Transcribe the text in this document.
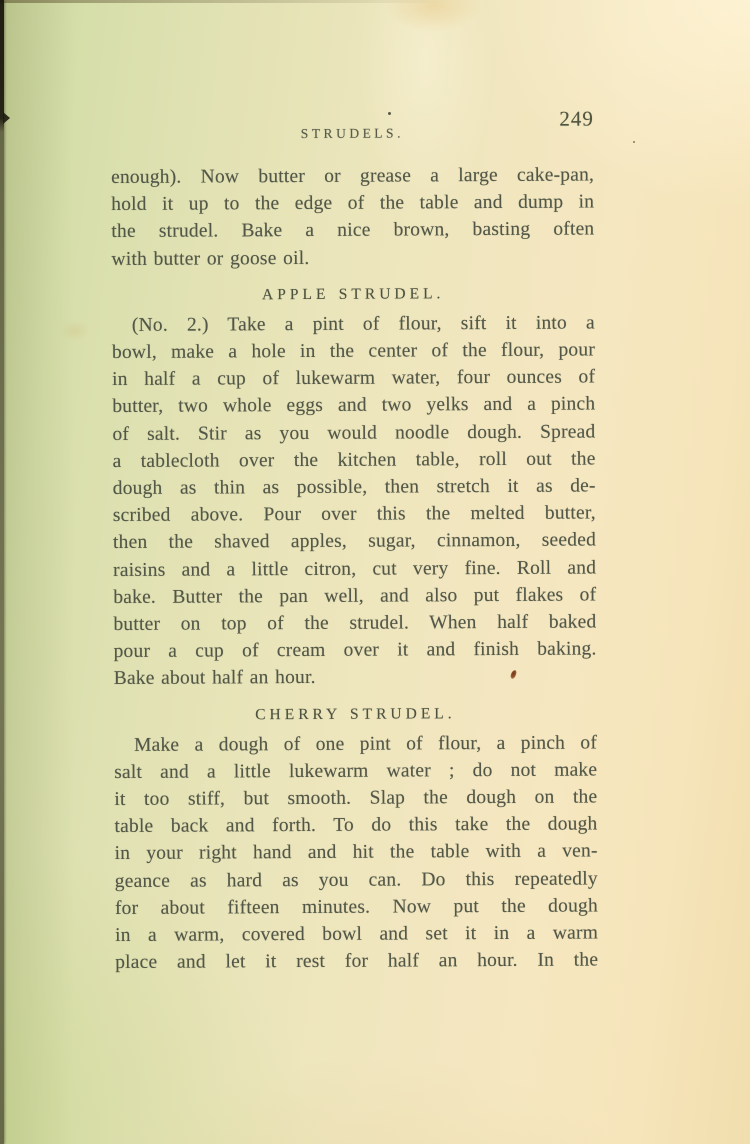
STRUDELS.
249
enough). Now butter or grease a large cake-pan,
hold it up to the edge of the table and dump in
the strudel. Bake a nice brown, basting often
with butter or goose oil.
APPLE STRUDEL.
(No. 2.) Take a pint of flour, sift it into a
bowl, make a hole in the center of the flour, pour
in half a cup of lukewarm water, four ounces of
butter, two whole eggs and two yelks and a pinch
of salt. Stir as you would noodle dough. Spread
a tablecloth over the kitchen table, roll out the
dough as thin as possible, then stretch it as de-
scribed above. Pour over this the melted butter,
then the shaved apples, sugar, cinnamon, seeded
raisins and a little citron, cut very fine. Roll and
bake. Butter the pan well, and also put flakes of
butter on top of the strudel. When half baked
pour a cup of cream over it and finish baking.
Bake about half an hour.
CHERRY STRUDEL.
Make a dough of one pint of flour, a pinch of
salt and a little lukewarm water ; do not make
it too stiff, but smooth. Slap the dough on the
table back and forth. To do this take the dough
in your right hand and hit the table with a ven-
geance as hard as you can. Do this repeatedly
for about fifteen minutes. Now put the dough
in a warm, covered bowl and set it in a warm
place and let it rest for half an hour. In the
